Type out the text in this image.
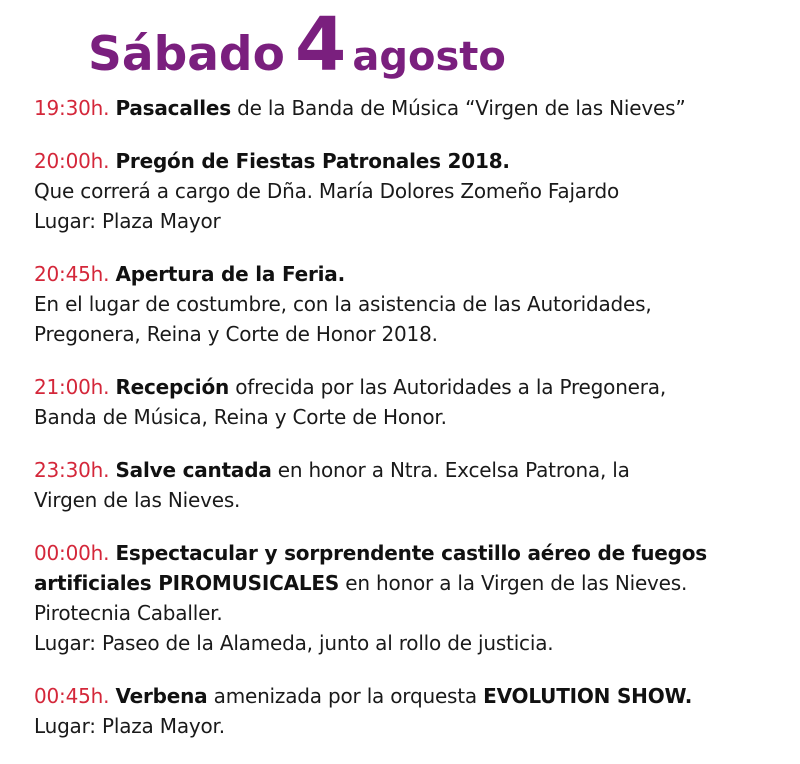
Sábado 4 agosto
19:30h. Pasacalles de la Banda de Música “Virgen de las Nieves”
20:00h. Pregón de Fiestas Patronales 2018.
Que correrá a cargo de Dña. María Dolores Zomeño Fajardo
Lugar: Plaza Mayor
20:45h. Apertura de la Feria.
En el lugar de costumbre, con la asistencia de las Autoridades,
Pregonera, Reina y Corte de Honor 2018.
21:00h. Recepción ofrecida por las Autoridades a la Pregonera,
Banda de Música, Reina y Corte de Honor.
23:30h. Salve cantada en honor a Ntra. Excelsa Patrona, la
Virgen de las Nieves.
00:00h. Espectacular y sorprendente castillo aéreo de fuegos
artificiales PIROMUSICALES en honor a la Virgen de las Nieves.
Pirotecnia Caballer.
Lugar: Paseo de la Alameda, junto al rollo de justicia.
00:45h. Verbena amenizada por la orquesta EVOLUTION SHOW.
Lugar: Plaza Mayor.
